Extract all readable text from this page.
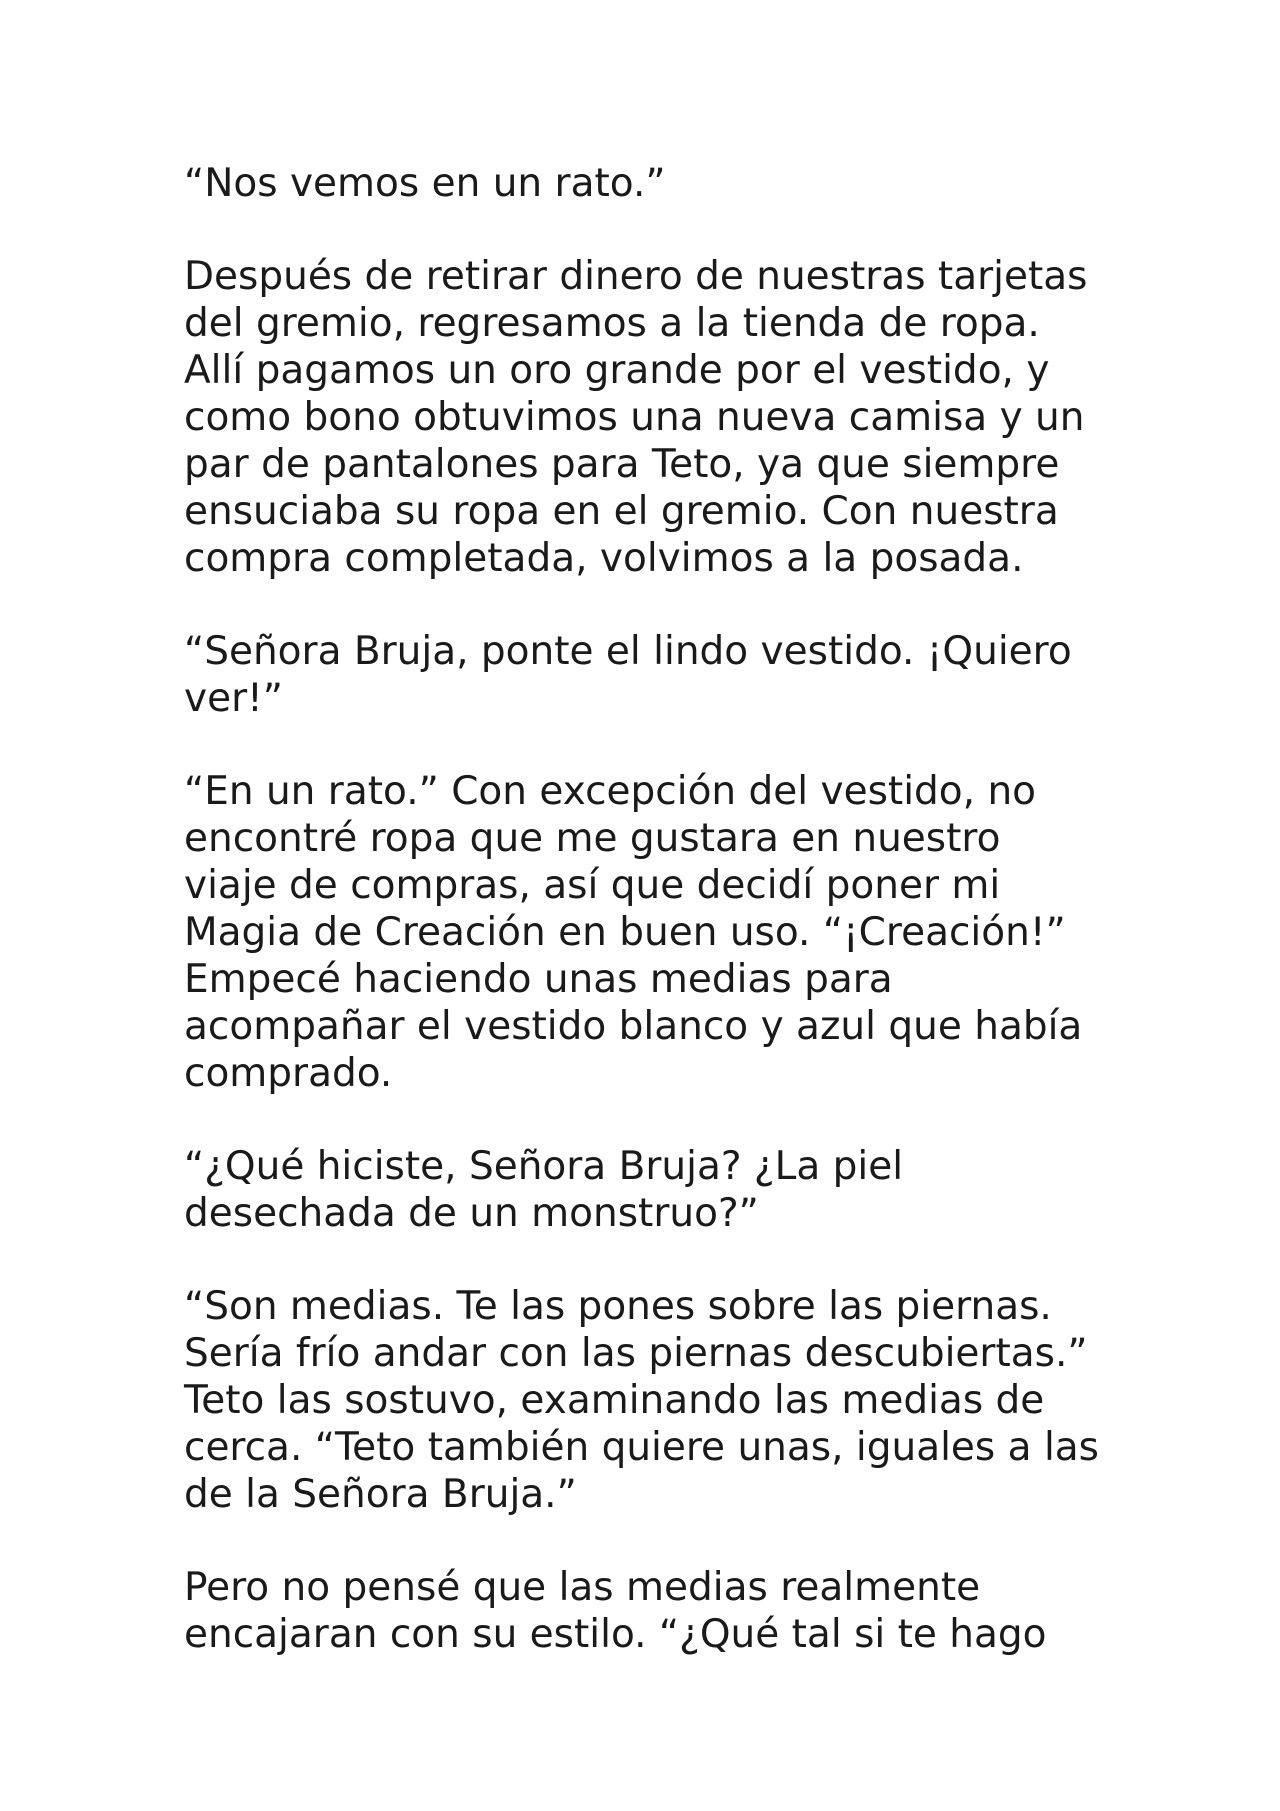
“Nos vemos en un rato.”

Después de retirar dinero de nuestras tarjetas
del gremio, regresamos a la tienda de ropa.
Allí pagamos un oro grande por el vestido, y
como bono obtuvimos una nueva camisa y un
par de pantalones para Teto, ya que siempre
ensuciaba su ropa en el gremio. Con nuestra
compra completada, volvimos a la posada.

“Señora Bruja, ponte el lindo vestido. ¡Quiero
ver!”

“En un rato.” Con excepción del vestido, no
encontré ropa que me gustara en nuestro
viaje de compras, así que decidí poner mi
Magia de Creación en buen uso. “¡Creación!”
Empecé haciendo unas medias para
acompañar el vestido blanco y azul que había
comprado.

“¿Qué hiciste, Señora Bruja? ¿La piel
desechada de un monstruo?”

“Son medias. Te las pones sobre las piernas.
Sería frío andar con las piernas descubiertas.”
Teto las sostuvo, examinando las medias de
cerca. “Teto también quiere unas, iguales a las
de la Señora Bruja.”

Pero no pensé que las medias realmente
encajaran con su estilo. “¿Qué tal si te hago
